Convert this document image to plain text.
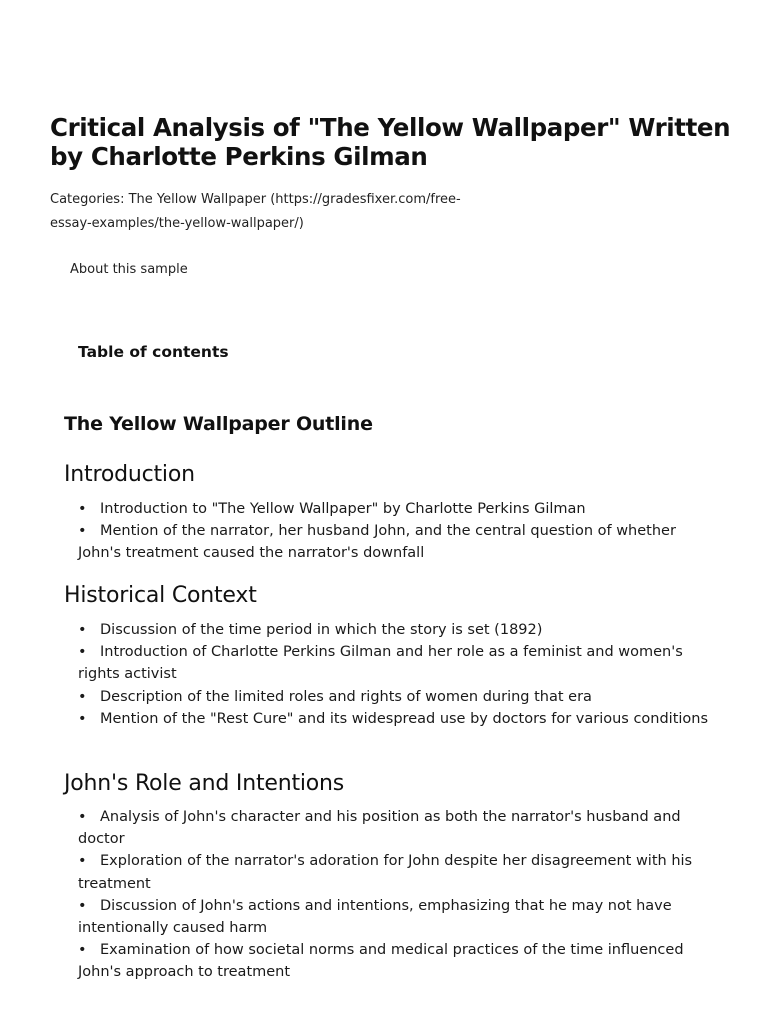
Critical Analysis of "The Yellow Wallpaper" Written by Charlotte Perkins Gilman
Categories: The Yellow Wallpaper (https://gradesfixer.com/free-essay-examples/the-yellow-wallpaper/)
About this sample
Table of contents
The Yellow Wallpaper Outline
Introduction
• Introduction to "The Yellow Wallpaper" by Charlotte Perkins Gilman
• Mention of the narrator, her husband John, and the central question of whether John's treatment caused the narrator's downfall
Historical Context
• Discussion of the time period in which the story is set (1892)
• Introduction of Charlotte Perkins Gilman and her role as a feminist and women's rights activist
• Description of the limited roles and rights of women during that era
• Mention of the "Rest Cure" and its widespread use by doctors for various conditions
John's Role and Intentions
• Analysis of John's character and his position as both the narrator's husband and doctor
• Exploration of the narrator's adoration for John despite her disagreement with his treatment
• Discussion of John's actions and intentions, emphasizing that he may not have intentionally caused harm
• Examination of how societal norms and medical practices of the time influenced John's approach to treatment
